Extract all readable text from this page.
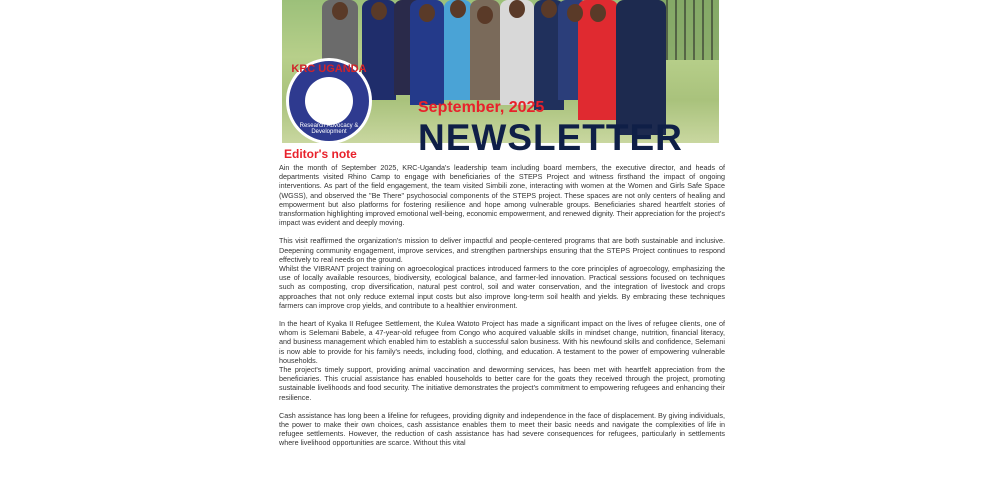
KRC UGANDA
Research Advocacy & Development
September, 2025
NEWSLETTER
Editor's note

Ain the month of September 2025, KRC-Uganda's leadership team including board members, the executive director, and heads of departments visited Rhino Camp to engage with beneficiaries of the STEPS Project and witness firsthand the impact of ongoing interventions. As part of the field engagement, the team visited Simbili zone, interacting with women at the Women and Girls Safe Space (WGSS), and observed the "Be There" psychosocial components of the STEPS project. These spaces are not only centers of healing and empowerment but also platforms for fostering resilience and hope among vulnerable groups. Beneficiaries shared heartfelt stories of transformation highlighting improved emotional well-being, economic empowerment, and renewed dignity. Their appreciation for the project's impact was evident and deeply moving.

This visit reaffirmed the organization's mission to deliver impactful and people-centered programs that are both sustainable and inclusive. Deepening community engagement, improve services, and strengthen partnerships ensuring that the STEPS Project continues to respond effectively to real needs on the ground.

Whilst the VIBRANT project training on agroecological practices introduced farmers to the core principles of agroecology, emphasizing the use of locally available resources, biodiversity, ecological balance, and farmer-led innovation. Practical sessions focused on techniques such as composting, crop diversification, natural pest control, soil and water conservation, and the integration of livestock and crops approaches that not only reduce external input costs but also improve long-term soil health and yields. By embracing these techniques farmers can improve crop yields, and contribute to a healthier environment.

In the heart of Kyaka II Refugee Settlement, the Kulea Watoto Project has made a significant impact on the lives of refugee clients, one of whom is Selemani Babele, a 47-year-old refugee from Congo who acquired valuable skills in mindset change, nutrition, financial literacy, and business management which enabled him to establish a successful salon business. With his newfound skills and confidence, Selemani is now able to provide for his family's needs, including food, clothing, and education. A testament to the power of empowering vulnerable households.

The project's timely support, providing animal vaccination and deworming services, has been met with heartfelt appreciation from the beneficiaries. This crucial assistance has enabled households to better care for the goats they received through the project, promoting sustainable livelihoods and food security. The initiative demonstrates the project's commitment to empowering refugees and enhancing their resilience.

Cash assistance has long been a lifeline for refugees, providing dignity and independence in the face of displacement. By giving individuals, the power to make their own choices, cash assistance enables them to meet their basic needs and navigate the complexities of life in refugee settlements. However, the reduction of cash assistance has had severe consequences for refugees, particularly in settlements where livelihood opportunities are scarce. Without this vital
